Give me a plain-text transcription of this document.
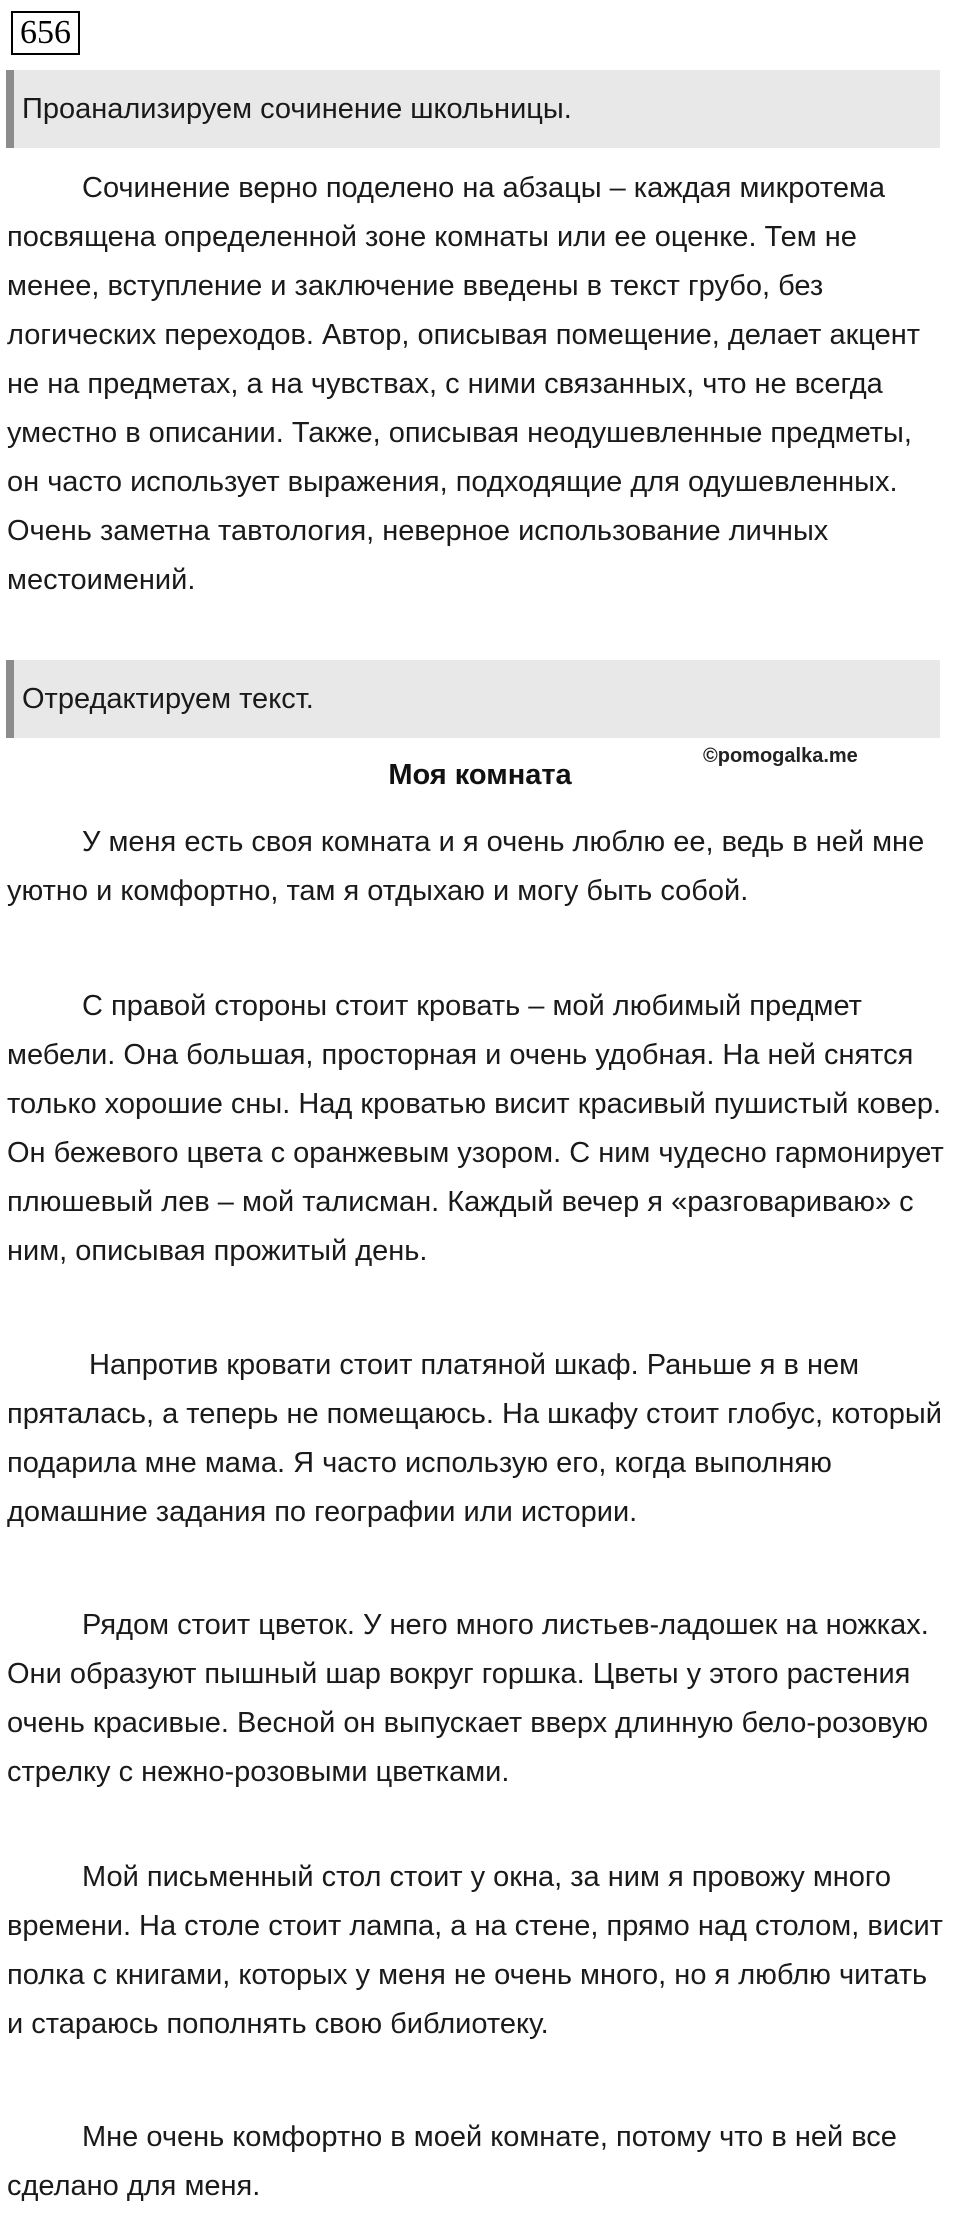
656
Проанализируем сочинение школьницы.

Сочинение верно поделено на абзацы – каждая микротема посвящена определенной зоне комнаты или ее оценке. Тем не менее, вступление и заключение введены в текст грубо, без логических переходов. Автор, описывая помещение, делает акцент не на предметах, а на чувствах, с ними связанных, что не всегда уместно в описании. Также, описывая неодушевленные предметы, он часто использует выражения, подходящие для одушевленных. Очень заметна тавтология, неверное использование личных местоимений.

Отредактируем текст.
©pomogalka.me
Моя комната

У меня есть своя комната и я очень люблю ее, ведь в ней мне уютно и комфортно, там я отдыхаю и могу быть собой.

С правой стороны стоит кровать – мой любимый предмет мебели. Она большая, просторная и очень удобная. На ней снятся только хорошие сны. Над кроватью висит красивый пушистый ковер. Он бежевого цвета с оранжевым узором. С ним чудесно гармонирует плюшевый лев – мой талисман. Каждый вечер я «разговариваю» с ним, описывая прожитый день.

Напротив кровати стоит платяной шкаф. Раньше я в нем пряталась, а теперь не помещаюсь. На шкафу стоит глобус, который подарила мне мама. Я часто использую его, когда выполняю домашние задания по географии или истории.

Рядом стоит цветок. У него много листьев-ладошек на ножках. Они образуют пышный шар вокруг горшка. Цветы у этого растения очень красивые. Весной он выпускает вверх длинную бело-розовую стрелку с нежно-розовыми цветками.

Мой письменный стол стоит у окна, за ним я провожу много времени. На столе стоит лампа, а на стене, прямо над столом, висит полка с книгами, которых у меня не очень много, но я люблю читать и стараюсь пополнять свою библиотеку.

Мне очень комфортно в моей комнате, потому что в ней все сделано для меня.
